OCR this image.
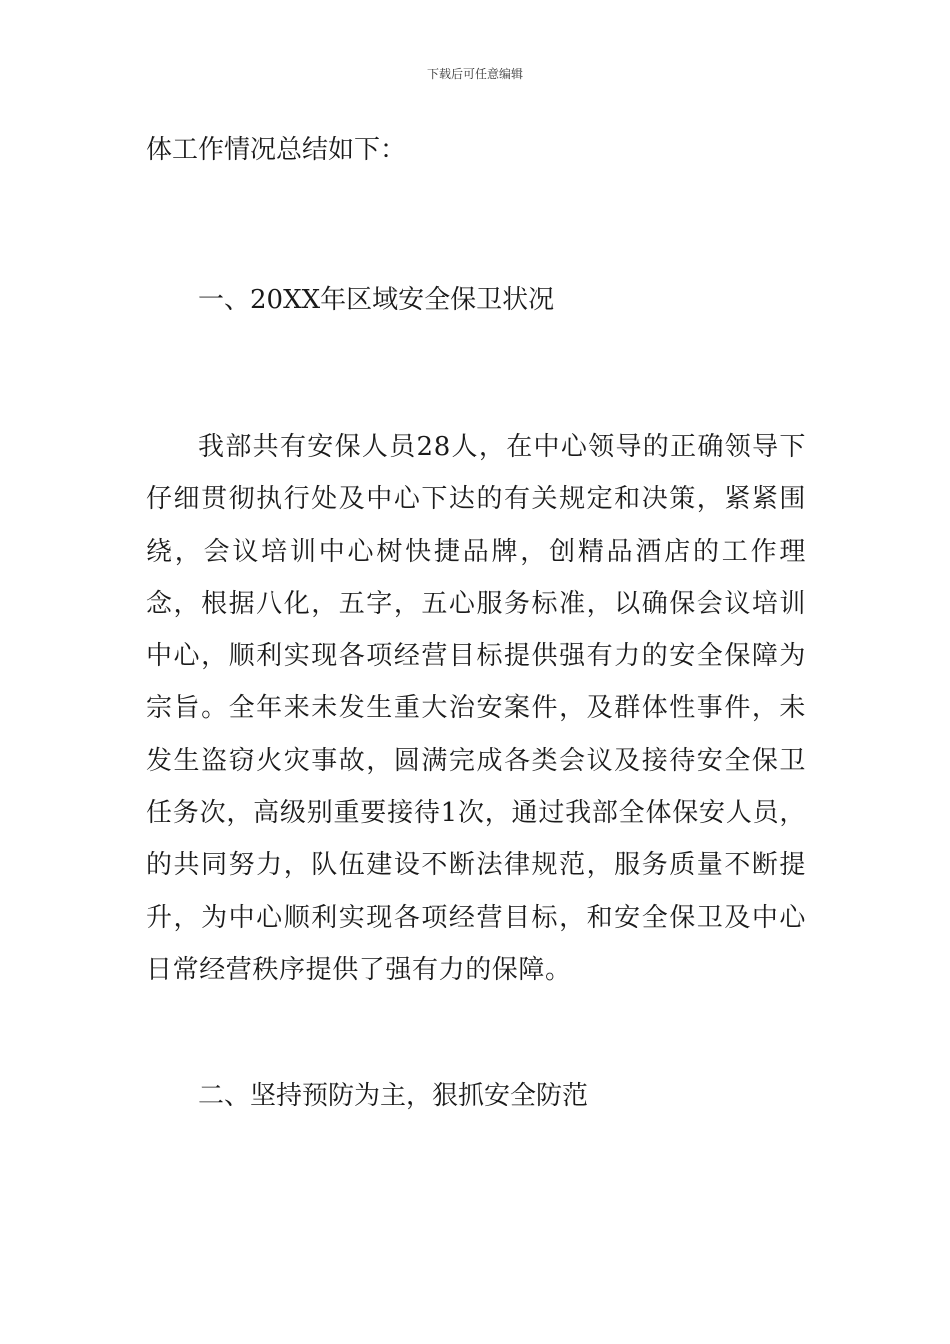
下载后可任意编辑
体工作情况总结如下：
一、20XX年区域安全保卫状况

我部共有安保人员28人，在中心领导的正确领导下仔细贯彻执行处及中心下达的有关规定和决策，紧紧围绕，会议培训中心树快捷品牌，创精品酒店的工作理念，根据八化，五字，五心服务标准，以确保会议培训中心，顺利实现各项经营目标提供强有力的安全保障为宗旨。全年来未发生重大治安案件，及群体性事件，未发生盗窃火灾事故，圆满完成各类会议及接待安全保卫任务次，高级别重要接待1次，通过我部全体保安人员，的共同努力，队伍建设不断法律规范，服务质量不断提升，为中心顺利实现各项经营目标，和安全保卫及中心日常经营秩序提供了强有力的保障。

二、坚持预防为主，狠抓安全防范
